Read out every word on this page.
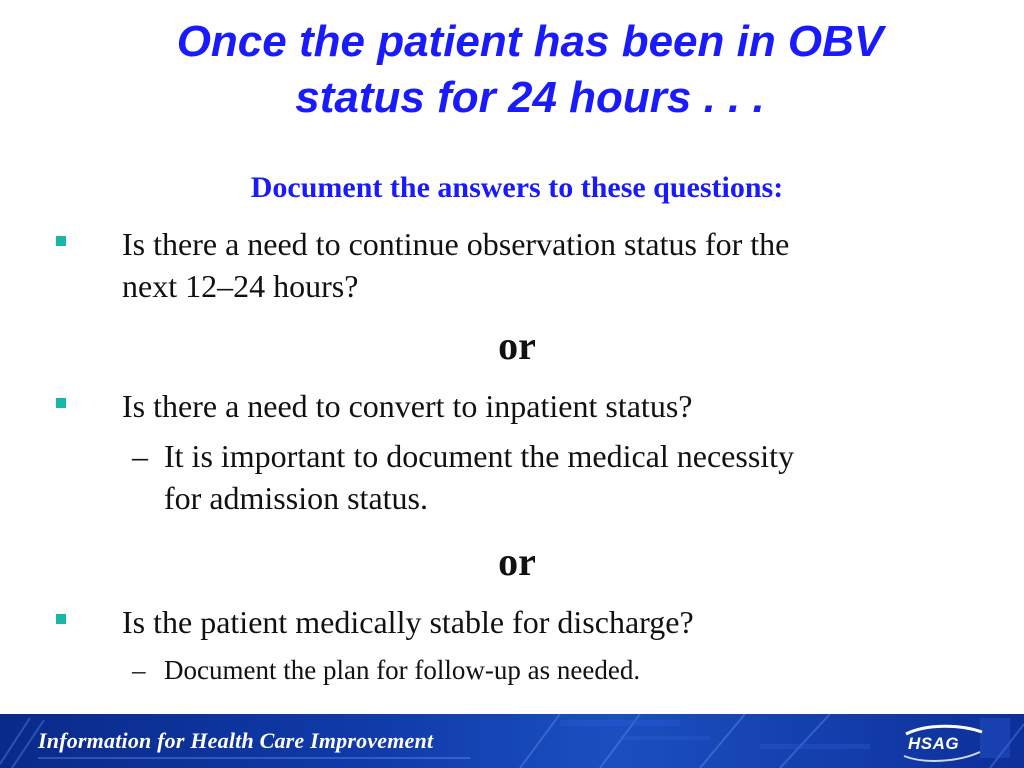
Once the patient has been in OBV
status for 24 hours . . .
Document the answers to these questions:
Is there a need to continue observation status for the
next 12–24 hours?
or
Is there a need to convert to inpatient status?
– It is important to document the medical necessity
for admission status.
or
Is the patient medically stable for discharge?
– Document the plan for follow-up as needed.
Information for Health Care Improvement	HSAG
